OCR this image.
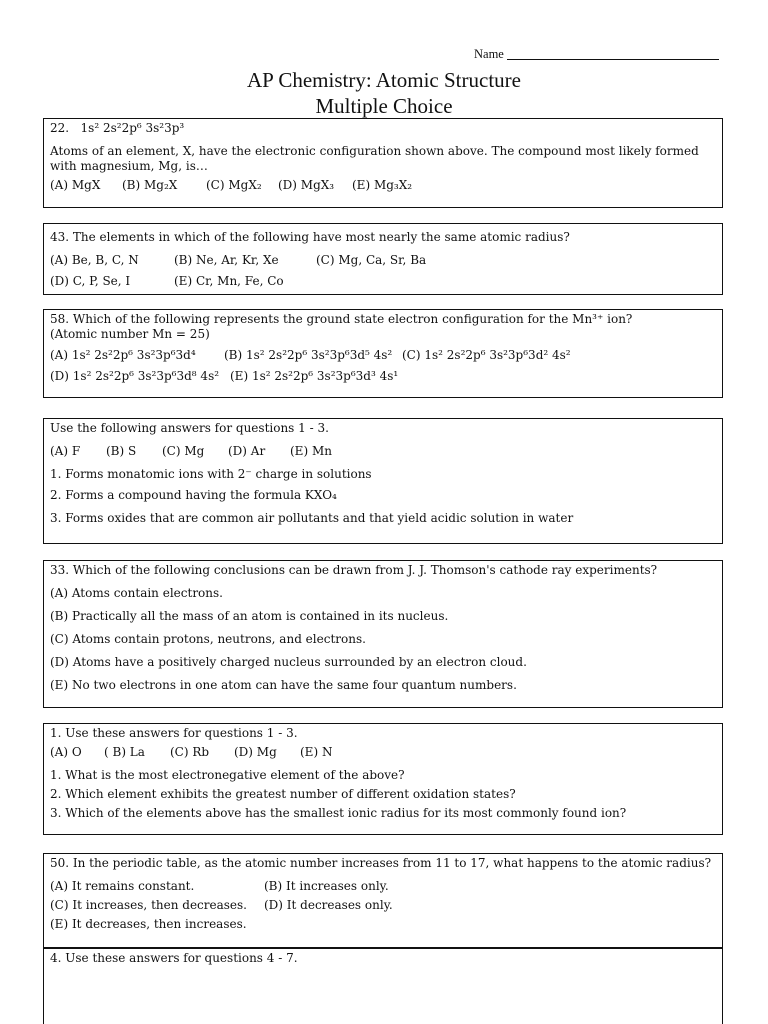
Name
AP Chemistry: Atomic Structure
Multiple Choice

22. 1s² 2s²2p⁶ 3s²3p³

Atoms of an element, X, have the electronic configuration shown above. The compound most likely formed with magnesium, Mg, is…

(A) MgX (B) Mg₂X (C) MgX₂ (D) MgX₃ (E) Mg₃X₂

43. The elements in which of the following have most nearly the same atomic radius?

(A) Be, B, C, N	(B) Ne, Ar, Kr, Xe	(C) Mg, Ca, Sr, Ba

(D) C, P, Se, I	(E) Cr, Mn, Fe, Co

58. Which of the following represents the ground state electron configuration for the Mn³⁺ ion?

(Atomic number Mn = 25)

(A) 1s² 2s²2p⁶ 3s²3p⁶3d⁴ (B) 1s² 2s²2p⁶ 3s²3p⁶3d⁵ 4s² (C) 1s² 2s²2p⁶ 3s²3p⁶3d² 4s²

(D) 1s² 2s²2p⁶ 3s²3p⁶3d⁸ 4s² (E) 1s² 2s²2p⁶ 3s²3p⁶3d³ 4s¹

Use the following answers for questions 1 - 3.

(A) F (B) S (C) Mg (D) Ar (E) Mn

1. Forms monatomic ions with 2⁻ charge in solutions

2. Forms a compound having the formula KXO₄

3. Forms oxides that are common air pollutants and that yield acidic solution in water

33. Which of the following conclusions can be drawn from J. J. Thomson's cathode ray experiments?

(A) Atoms contain electrons.

(B) Practically all the mass of an atom is contained in its nucleus.

(C) Atoms contain protons, neutrons, and electrons.

(D) Atoms have a positively charged nucleus surrounded by an electron cloud.

(E) No two electrons in one atom can have the same four quantum numbers.

1. Use these answers for questions 1 - 3.

(A) O ( B) La (C) Rb (D) Mg (E) N

1. What is the most electronegative element of the above?

2. Which element exhibits the greatest number of different oxidation states?

3. Which of the elements above has the smallest ionic radius for its most commonly found ion?

50. In the periodic table, as the atomic number increases from 11 to 17, what happens to the atomic radius?

(A) It remains constant.	(B) It increases only.

(C) It increases, then decreases. (D) It decreases only.

(E) It decreases, then increases.

4. Use these answers for questions 4 - 7.
